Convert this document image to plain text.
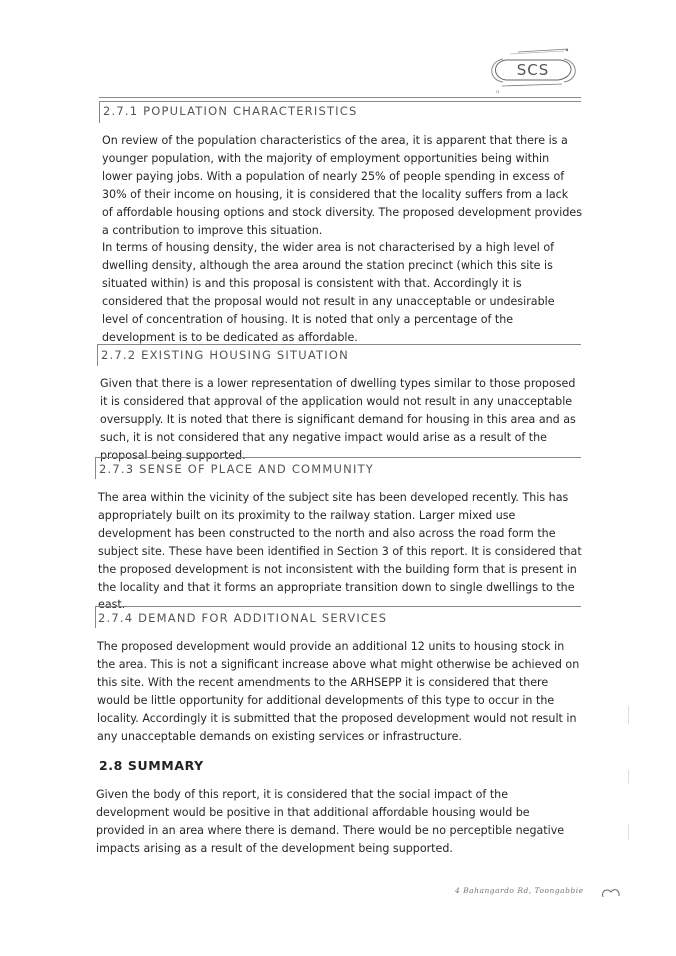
SCS
u
2.7.1 POPULATION CHARACTERISTICS

On review of the population characteristics of the area, it is apparent that there is a younger population, with the majority of employment opportunities being within lower paying jobs. With a population of nearly 25% of people spending in excess of 30% of their income on housing, it is considered that the locality suffers from a lack of affordable housing options and stock diversity. The proposed development provides a contribution to improve this situation.

In terms of housing density, the wider area is not characterised by a high level of dwelling density, although the area around the station precinct (which this site is situated within) is and this proposal is consistent with that. Accordingly it is considered that the proposal would not result in any unacceptable or undesirable level of concentration of housing. It is noted that only a percentage of the development is to be dedicated as affordable.

2.7.2 EXISTING HOUSING SITUATION

Given that there is a lower representation of dwelling types similar to those proposed it is considered that approval of the application would not result in any unacceptable oversupply. It is noted that there is significant demand for housing in this area and as such, it is not considered that any negative impact would arise as a result of the proposal being supported.

2.7.3 SENSE OF PLACE AND COMMUNITY

The area within the vicinity of the subject site has been developed recently. This has appropriately built on its proximity to the railway station. Larger mixed use development has been constructed to the north and also across the road form the subject site. These have been identified in Section 3 of this report. It is considered that the proposed development is not inconsistent with the building form that is present in the locality and that it forms an appropriate transition down to single dwellings to the east.

2.7.4 DEMAND FOR ADDITIONAL SERVICES

The proposed development would provide an additional 12 units to housing stock in the area. This is not a significant increase above what might otherwise be achieved on this site. With the recent amendments to the ARHSEPP it is considered that there would be little opportunity for additional developments of this type to occur in the locality. Accordingly it is submitted that the proposed development would not result in any unacceptable demands on existing services or infrastructure.

2.8 SUMMARY

Given the body of this report, it is considered that the social impact of the development would be positive in that additional affordable housing would be provided in an area where there is demand. There would be no perceptible negative impacts arising as a result of the development being supported.

4 Bahangardo Rd, Toongabbie
